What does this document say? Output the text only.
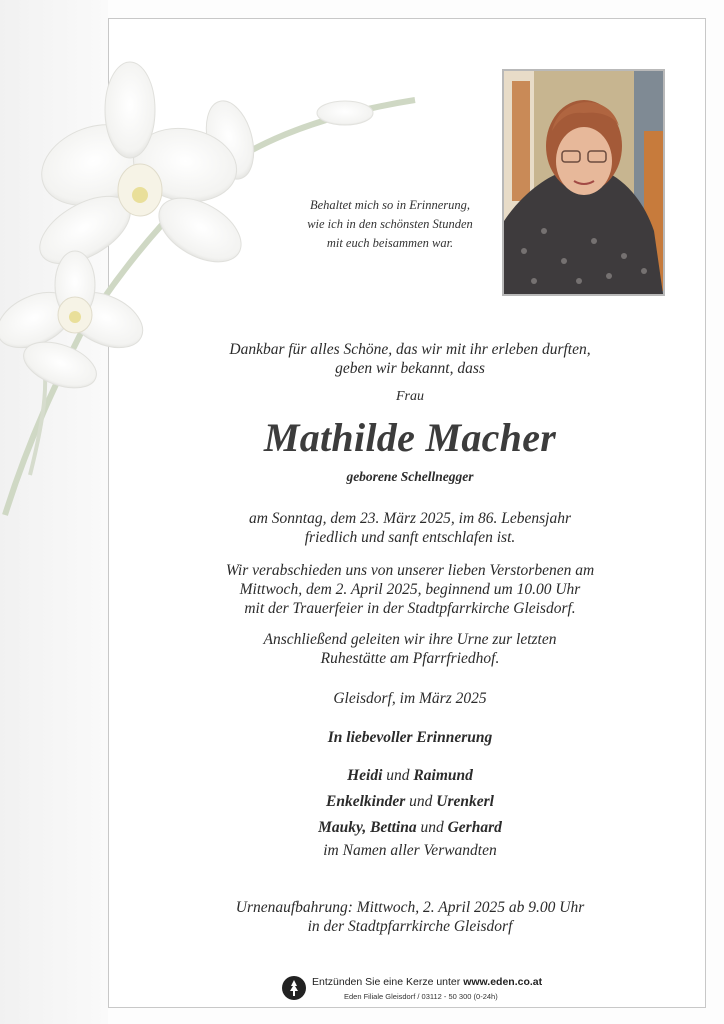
Behaltet mich so in Erinnerung,
wie ich in den schönsten Stunden
mit euch beisammen war.
Dankbar für alles Schöne, das wir mit ihr erleben durften,
geben wir bekannt, dass
Frau
Mathilde Macher
geborene Schellnegger
am Sonntag, dem 23. März 2025, im 86. Lebensjahr
friedlich und sanft entschlafen ist.
Wir verabschieden uns von unserer lieben Verstorbenen am
Mittwoch, dem 2. April 2025, beginnend um 10.00 Uhr
mit der Trauerfeier in der Stadtpfarrkirche Gleisdorf.
Anschließend geleiten wir ihre Urne zur letzten
Ruhestätte am Pfarrfriedhof.
Gleisdorf, im März 2025
In liebevoller Erinnerung
Heidi und Raimund
Enkelkinder und Urenkerl
Mauky, Bettina und Gerhard
im Namen aller Verwandten
Urnenaufbahrung: Mittwoch, 2. April 2025 ab 9.00 Uhr
in der Stadtpfarrkirche Gleisdorf
Entzünden Sie eine Kerze unter www.eden.co.at
Eden Filiale Gleisdorf / 03112 - 50 300 (0-24h)
